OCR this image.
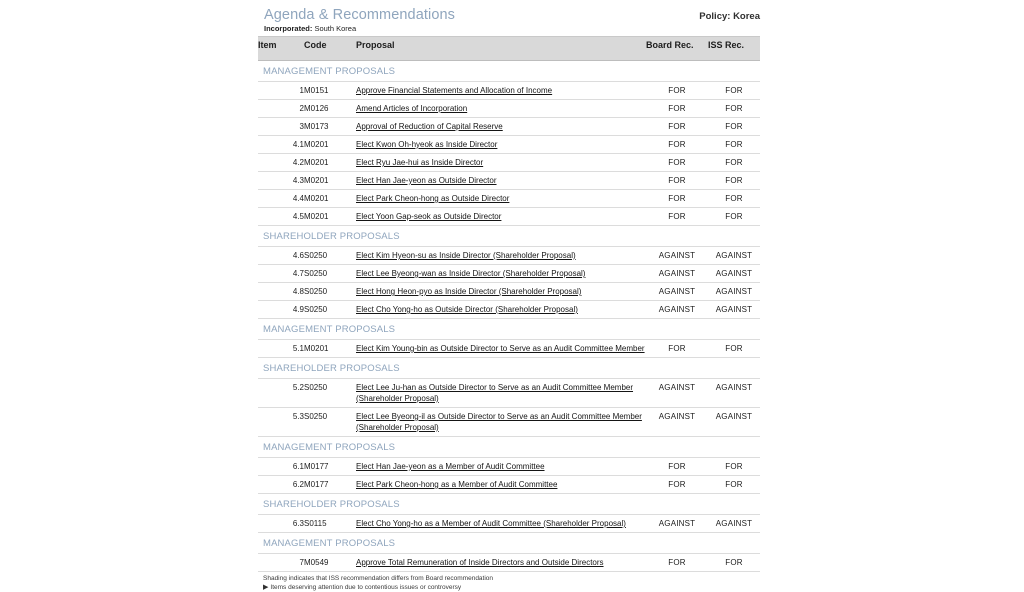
Agenda & Recommendations	Policy: Korea
Incorporated: South Korea
Item	Code	Proposal	Board Rec.	ISS Rec.
MANAGEMENT PROPOSALS				
1	M0151	Approve Financial Statements and Allocation of Income	FOR	FOR
2	M0126	Amend Articles of Incorporation	FOR	FOR
3	M0173	Approval of Reduction of Capital Reserve	FOR	FOR
4.1	M0201	Elect Kwon Oh-hyeok as Inside Director	FOR	FOR
4.2	M0201	Elect Ryu Jae-hui as Inside Director	FOR	FOR
4.3	M0201	Elect Han Jae-yeon as Outside Director	FOR	FOR
4.4	M0201	Elect Park Cheon-hong as Outside Director	FOR	FOR
4.5	M0201	Elect Yoon Gap-seok as Outside Director	FOR	FOR
SHAREHOLDER PROPOSALS				
4.6	S0250	Elect Kim Hyeon-su as Inside Director (Shareholder Proposal)	AGAINST	AGAINST
4.7	S0250	Elect Lee Byeong-wan as Inside Director (Shareholder Proposal)	AGAINST	AGAINST
4.8	S0250	Elect Hong Heon-pyo as Inside Director (Shareholder Proposal)	AGAINST	AGAINST
4.9	S0250	Elect Cho Yong-ho as Outside Director (Shareholder Proposal)	AGAINST	AGAINST
MANAGEMENT PROPOSALS				
5.1	M0201	Elect Kim Young-bin as Outside Director to Serve as an Audit Committee Member	FOR	FOR
SHAREHOLDER PROPOSALS				
5.2	S0250	Elect Lee Ju-han as Outside Director to Serve as an Audit Committee Member (Shareholder Proposal)	AGAINST	AGAINST
5.3	S0250	Elect Lee Byeong-il as Outside Director to Serve as an Audit Committee Member (Shareholder Proposal)	AGAINST	AGAINST
MANAGEMENT PROPOSALS				
6.1	M0177	Elect Han Jae-yeon as a Member of Audit Committee	FOR	FOR
6.2	M0177	Elect Park Cheon-hong as a Member of Audit Committee	FOR	FOR
SHAREHOLDER PROPOSALS				
6.3	S0115	Elect Cho Yong-ho as a Member of Audit Committee (Shareholder Proposal)	AGAINST	AGAINST
MANAGEMENT PROPOSALS				
7	M0549	Approve Total Remuneration of Inside Directors and Outside Directors	FOR	FOR
Shading indicates that ISS recommendation differs from Board recommendation
▶ Items deserving attention due to contentious issues or controversy
